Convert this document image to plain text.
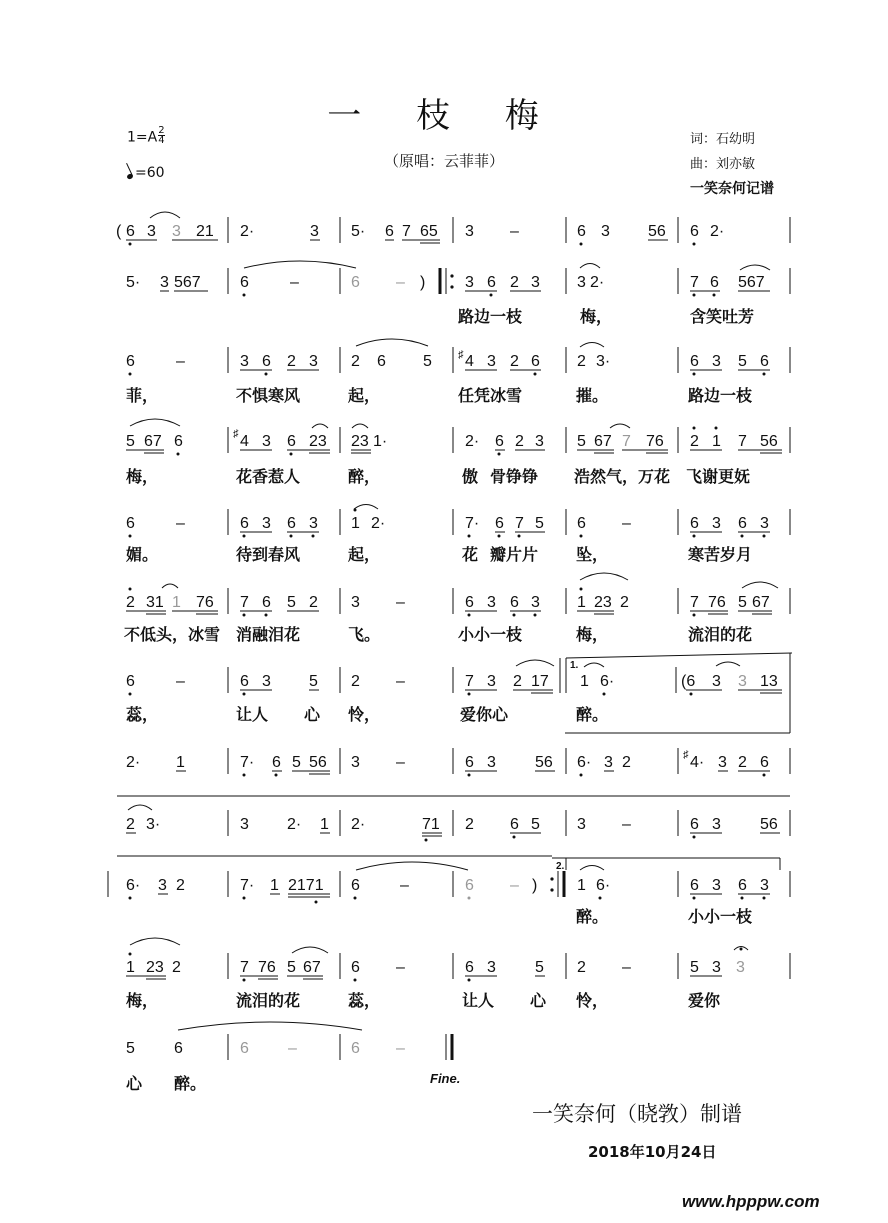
一 枝 梅
（原唱：云菲菲）
$1=A \frac{2}{4}$
=60
词：石幼明
曲：刘亦敏
一笑奈何记谱
( 6 3 3 21 2·	3 5· 6 7 65 3 –	6 3 56 6 2·
5· 3 567 6	–	6 – ) 3 6 2 3 3 2·	7 6 567
6	–	3 6 2 3 2 6 5 ♯ 4 3 2 6 2 3·	6 3 5 6
5 67 6	♯ 4 3 6 23 23 1·	2· 6 2 3 5 67 7 76 2 1 7 56
6	–	6 3 6 3 1 2·	7· 6 7 5 6 –	6 3 6 3
2 31 1 76 7 6 5 2 3 –	6 3 6 3 1 23 2	7 76 5 67
6	–	6 3 5 2 –	7 3 2 17
1.
1 6·	(6 3 3 13
2· 1	7· 6 5 56 3 –	6 3 56 6· 3 2	♯ 4· 3 2 6
2 3·	3 2· 1 2·	71 2 6 5 3 –	6 3 56
6· 3 2	7· 1 2171 6	–	6 – )
2.
1 6·	6 3 6 3
1 23 2	7 76 5 67 6 –	6 3 5 2 –	5 3 3
5 6	6 –	6 –
路边一枝	梅，	含笑吐芳
菲，	不惧寒风	起，	任凭冰雪	摧。	路边一枝
梅，	花香惹人	醉，	傲 骨铮铮 浩然气，万花 飞谢更妩
媚。	待到春风	起，	花 瓣片片 坠，	寒苦岁月
不低头，冰雪 消融泪花	飞。	小小一枝	梅，	流泪的花
蕊，	让人 心 怜，	爱你心	醉。
醉。	小小一枝
梅，	流泪的花	蕊，	让人 心 怜，	爱你
心 醉。	Fine.
一笑奈何（晓敩）制谱
2018年10月24日
www.hpppw.com
